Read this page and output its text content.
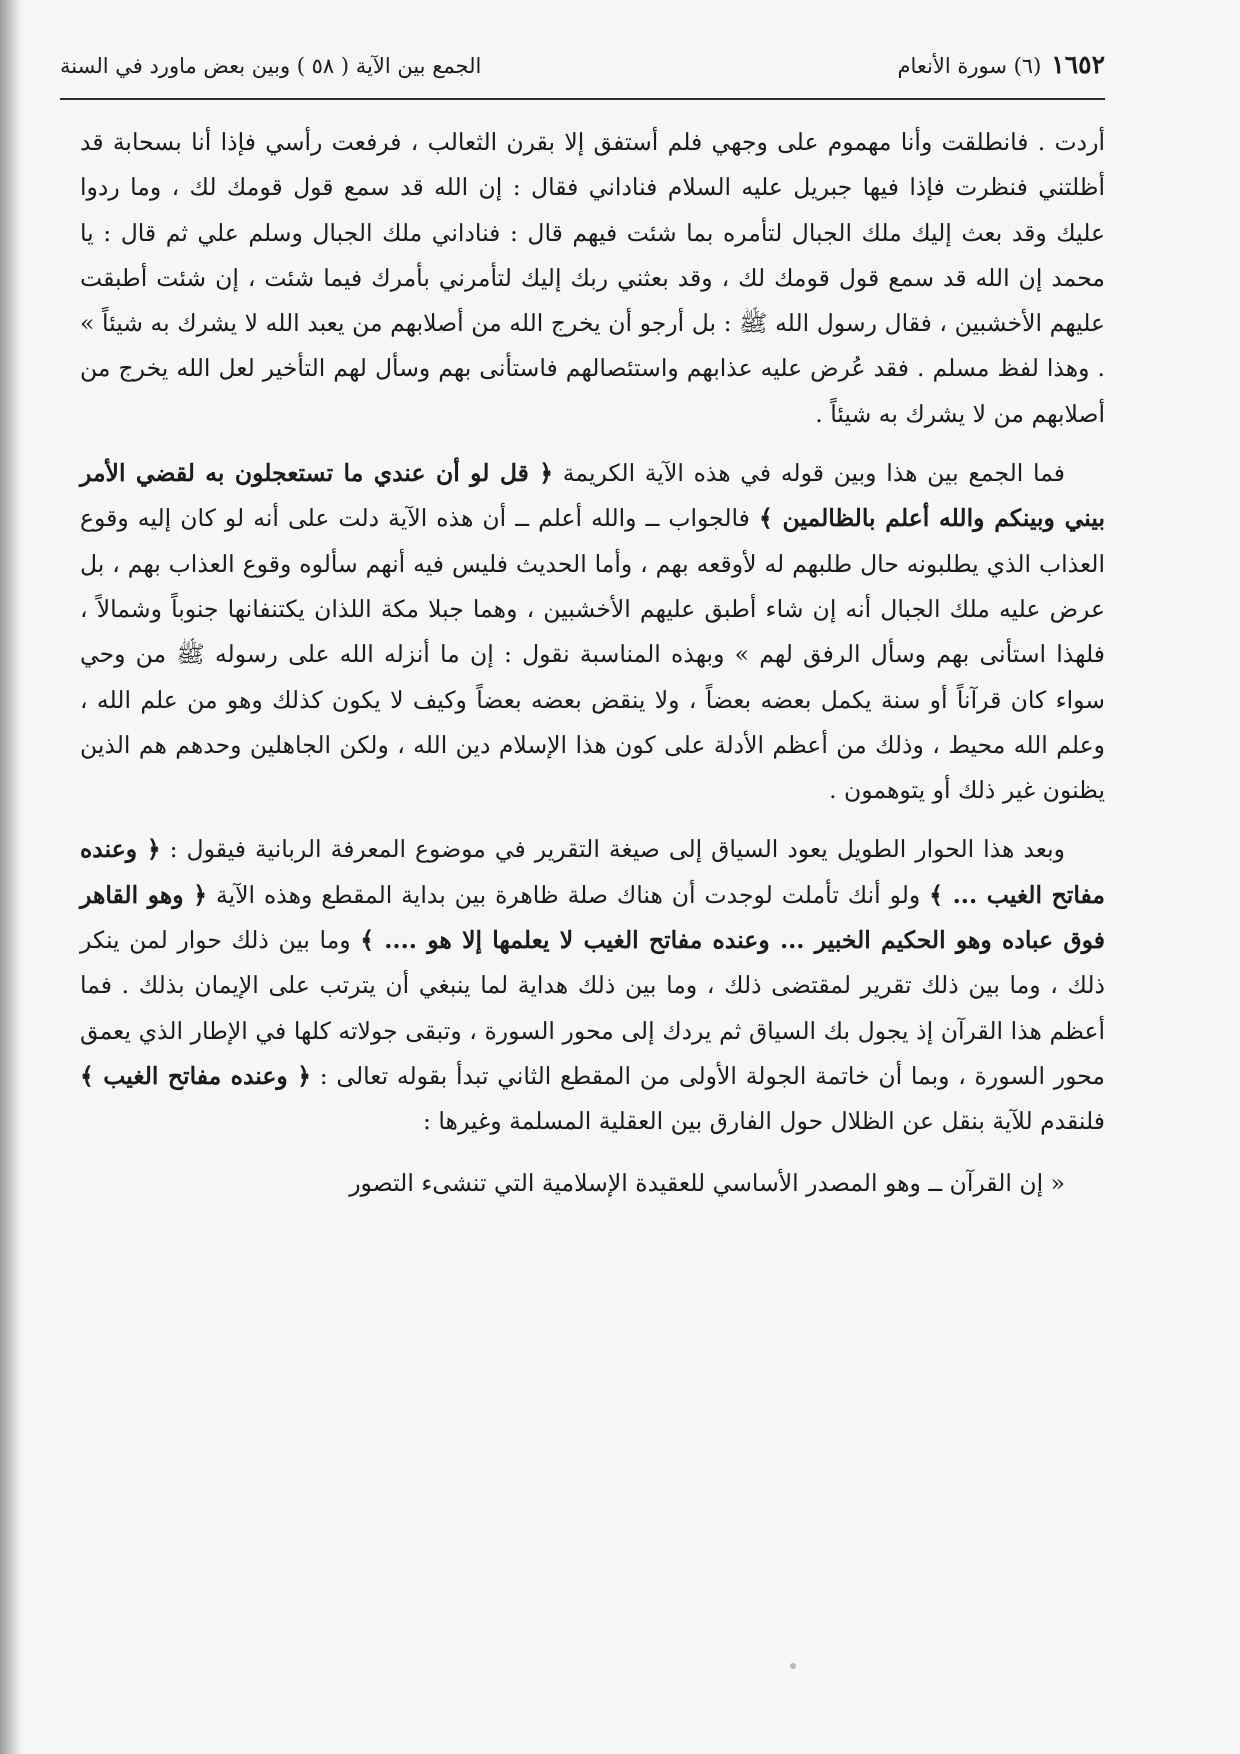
١٦٥٢
(٦) سورة الأنعام
الجمع بين الآية ( ٥٨ ) وبين بعض ماورد في السنة

أردت . فانطلقت وأنا مهموم على وجهي فلم أستفق إلا بقرن الثعالب ، فرفعت رأسي فإذا أنا بسحابة قد أظلتني فنظرت فإذا فيها جبريل عليه السلام فناداني فقال : إن الله قد سمع قول قومك لك ، وما ردوا عليك وقد بعث إليك ملك الجبال لتأمره بما شئت فيهم قال : فناداني ملك الجبال وسلم علي ثم قال : يا محمد إن الله قد سمع قول قومك لك ، وقد بعثني ربك إليك لتأمرني بأمرك فيما شئت ، إن شئت أطبقت عليهم الأخشبين ، فقال رسول الله ﷺ : بل أرجو أن يخرج الله من أصلابهم من يعبد الله لا يشرك به شيئاً » . وهذا لفظ مسلم . فقد عُرض عليه عذابهم واستئصالهم فاستأنى بهم وسأل لهم التأخير لعل الله يخرج من أصلابهم من لا يشرك به شيئاً .

فما الجمع بين هذا وبين قوله في هذه الآية الكريمة ﴿ قل لو أن عندي ما تستعجلون به لقضي الأمر بيني وبينكم والله أعلم بالظالمين ﴾ فالجواب ــ والله أعلم ــ أن هذه الآية دلت على أنه لو كان إليه وقوع العذاب الذي يطلبونه حال طلبهم له لأوقعه بهم ، وأما الحديث فليس فيه أنهم سألوه وقوع العذاب بهم ، بل عرض عليه ملك الجبال أنه إن شاء أطبق عليهم الأخشبين ، وهما جبلا مكة اللذان يكتنفانها جنوباً وشمالاً ، فلهذا استأنى بهم وسأل الرفق لهم » وبهذه المناسبة نقول : إن ما أنزله الله على رسوله ﷺ من وحي سواء كان قرآناً أو سنة يكمل بعضه بعضاً ، ولا ينقض بعضه بعضاً وكيف لا يكون كذلك وهو من علم الله ، وعلم الله محيط ، وذلك من أعظم الأدلة على كون هذا الإسلام دين الله ، ولكن الجاهلين وحدهم هم الذين يظنون غير ذلك أو يتوهمون .

وبعد هذا الحوار الطويل يعود السياق إلى صيغة التقرير في موضوع المعرفة الربانية فيقول : ﴿ وعنده مفاتح الغيب ... ﴾ ولو أنك تأملت لوجدت أن هناك صلة ظاهرة بين بداية المقطع وهذه الآية ﴿ وهو القاهر فوق عباده وهو الحكيم الخبير ... وعنده مفاتح الغيب لا يعلمها إلا هو .... ﴾ وما بين ذلك حوار لمن ينكر ذلك ، وما بين ذلك تقرير لمقتضى ذلك ، وما بين ذلك هداية لما ينبغي أن يترتب على الإيمان بذلك . فما أعظم هذا القرآن إذ يجول بك السياق ثم يردك إلى محور السورة ، وتبقى جولاته كلها في الإطار الذي يعمق محور السورة ، وبما أن خاتمة الجولة الأولى من المقطع الثاني تبدأ بقوله تعالى : ﴿ وعنده مفاتح الغيب ﴾ فلنقدم للآية بنقل عن الظلال حول الفارق بين العقلية المسلمة وغيرها :

« إن القرآن ــ وهو المصدر الأساسي للعقيدة الإسلامية التي تنشىء التصور
